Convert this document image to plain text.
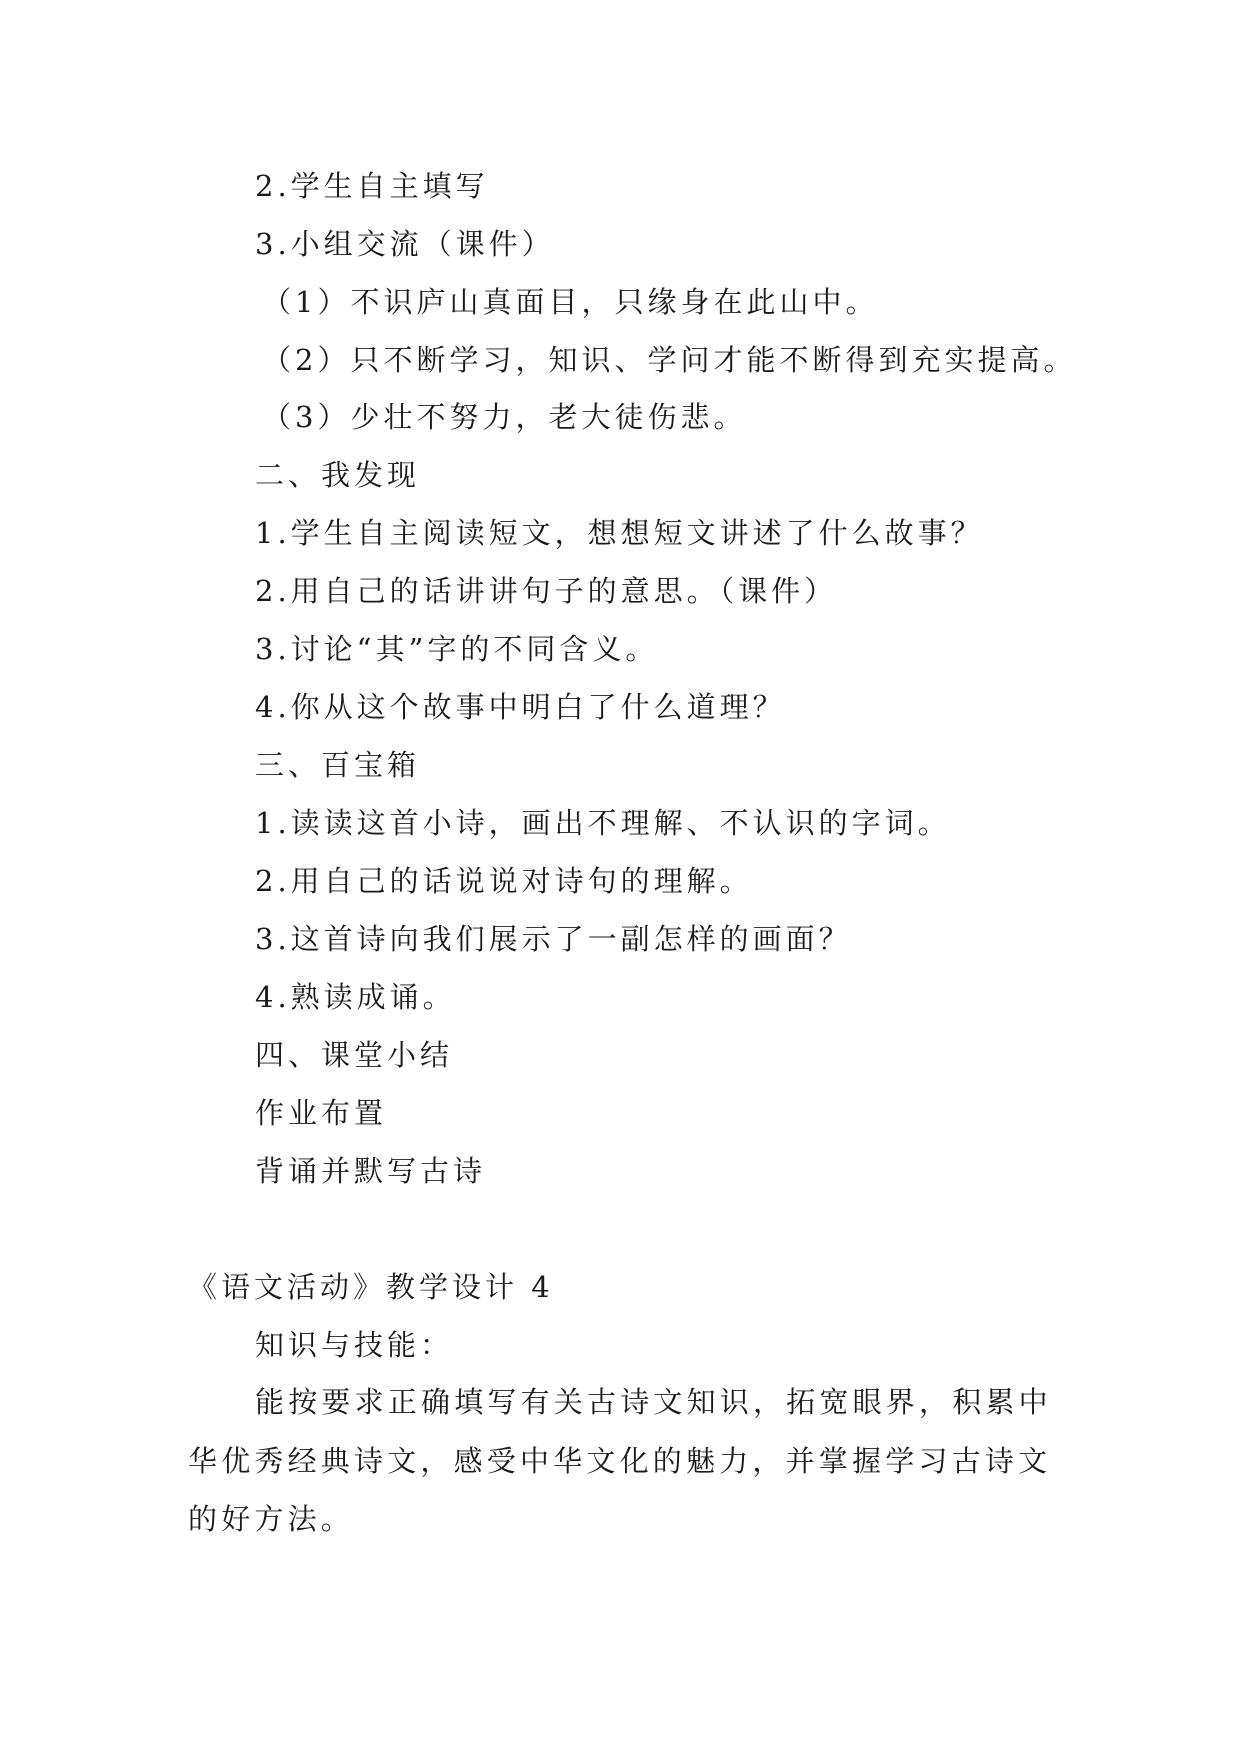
2.学生自主填写
3.小组交流（课件）
（1）不识庐山真面目，只缘身在此山中。
（2）只不断学习，知识、学问才能不断得到充实提高。
（3）少壮不努力，老大徒伤悲。
二、我发现
1.学生自主阅读短文，想想短文讲述了什么故事？
2.用自己的话讲讲句子的意思。（课件）
3.讨论“其”字的不同含义。
4.你从这个故事中明白了什么道理？
三、百宝箱
1.读读这首小诗，画出不理解、不认识的字词。
2.用自己的话说说对诗句的理解。
3.这首诗向我们展示了一副怎样的画面？
4.熟读成诵。
四、课堂小结
作业布置
背诵并默写古诗
《语文活动》教学设计 4
知识与技能：
能按要求正确填写有关古诗文知识，拓宽眼界，积累中华优秀经典诗文，感受中华文化的魅力，并掌握学习古诗文的好方法。
